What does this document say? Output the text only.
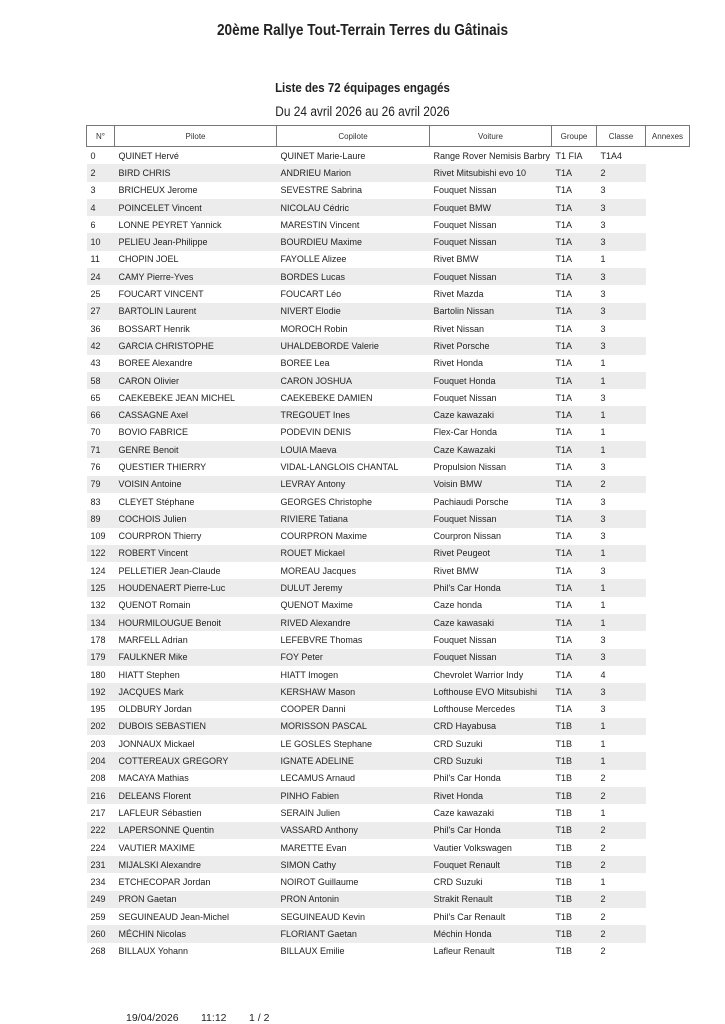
20ème Rallye Tout-Terrain Terres du Gâtinais
Liste des 72 équipages engagés
Du 24 avril 2026 au 26 avril 2026
N°	Pilote	Copilote	Voiture	Groupe	Classe	Annexes
0	QUINET Hervé	QUINET Marie-Laure	Range Rover Nemisis Barbry	T1 FIA	T1A4	
2	BIRD CHRIS	ANDRIEU Marion	Rivet Mitsubishi evo 10	T1A	2	
3	BRICHEUX Jerome	SEVESTRE Sabrina	Fouquet Nissan	T1A	3	
4	POINCELET Vincent	NICOLAU Cédric	Fouquet BMW	T1A	3	
6	LONNE PEYRET Yannick	MARESTIN Vincent	Fouquet Nissan	T1A	3	
10	PELIEU Jean-Philippe	BOURDIEU Maxime	Fouquet Nissan	T1A	3	
11	CHOPIN JOEL	FAYOLLE Alizee	Rivet BMW	T1A	1	
24	CAMY Pierre-Yves	BORDES Lucas	Fouquet Nissan	T1A	3	
25	FOUCART VINCENT	FOUCART Léo	Rivet Mazda	T1A	3	
27	BARTOLIN Laurent	NIVERT Elodie	Bartolin Nissan	T1A	3	
36	BOSSART Henrik	MOROCH Robin	Rivet Nissan	T1A	3	
42	GARCIA CHRISTOPHE	UHALDEBORDE Valerie	Rivet Porsche	T1A	3	
43	BOREE Alexandre	BOREE Lea	Rivet Honda	T1A	1	
58	CARON Olivier	CARON JOSHUA	Fouquet Honda	T1A	1	
65	CAEKEBEKE JEAN MICHEL	CAEKEBEKE DAMIEN	Fouquet Nissan	T1A	3	
66	CASSAGNE Axel	TREGOUET Ines	Caze kawazaki	T1A	1	
70	BOVIO FABRICE	PODEVIN DENIS	Flex-Car Honda	T1A	1	
71	GENRE Benoit	LOUIA Maeva	Caze Kawazaki	T1A	1	
76	QUESTIER THIERRY	VIDAL-LANGLOIS CHANTAL	Propulsion Nissan	T1A	3	
79	VOISIN Antoine	LEVRAY Antony	Voisin BMW	T1A	2	
83	CLEYET Stéphane	GEORGES Christophe	Pachiaudi Porsche	T1A	3	
89	COCHOIS Julien	RIVIERE Tatiana	Fouquet Nissan	T1A	3	
109	COURPRON Thierry	COURPRON Maxime	Courpron Nissan	T1A	3	
122	ROBERT Vincent	ROUET Mickael	Rivet Peugeot	T1A	1	
124	PELLETIER Jean-Claude	MOREAU Jacques	Rivet BMW	T1A	3	
125	HOUDENAERT Pierre-Luc	DULUT Jeremy	Phil's Car Honda	T1A	1	
132	QUENOT Romain	QUENOT Maxime	Caze honda	T1A	1	
134	HOURMILOUGUE Benoit	RIVED Alexandre	Caze kawasaki	T1A	1	
178	MARFELL Adrian	LEFEBVRE Thomas	Fouquet Nissan	T1A	3	
179	FAULKNER Mike	FOY Peter	Fouquet Nissan	T1A	3	
180	HIATT Stephen	HIATT Imogen	Chevrolet Warrior Indy	T1A	4	
192	JACQUES Mark	KERSHAW Mason	Lofthouse EVO Mitsubishi	T1A	3	
195	OLDBURY Jordan	COOPER Danni	Lofthouse Mercedes	T1A	3	
202	DUBOIS SEBASTIEN	MORISSON PASCAL	CRD Hayabusa	T1B	1	
203	JONNAUX Mickael	LE GOSLES Stephane	CRD Suzuki	T1B	1	
204	COTTEREAUX GREGORY	IGNATE ADELINE	CRD Suzuki	T1B	1	
208	MACAYA Mathias	LECAMUS Arnaud	Phil's Car Honda	T1B	2	
216	DELEANS Florent	PINHO Fabien	Rivet Honda	T1B	2	
217	LAFLEUR Sébastien	SERAIN Julien	Caze kawazaki	T1B	1	
222	LAPERSONNE Quentin	VASSARD Anthony	Phil's Car Honda	T1B	2	
224	VAUTIER MAXIME	MARETTE Evan	Vautier Volkswagen	T1B	2	
231	MIJALSKI Alexandre	SIMON Cathy	Fouquet Renault	T1B	2	
234	ETCHECOPAR Jordan	NOIROT Guillaume	CRD Suzuki	T1B	1	
249	PRON Gaetan	PRON Antonin	Strakit Renault	T1B	2	
259	SEGUINEAUD Jean-Michel	SEGUINEAUD Kevin	Phil's Car Renault	T1B	2	
260	MÉCHIN Nicolas	FLORIANT Gaetan	Méchin Honda	T1B	2	
268	BILLAUX Yohann	BILLAUX Emilie	Lafleur Renault	T1B	2	
19/04/2026 11:12 1 / 2
